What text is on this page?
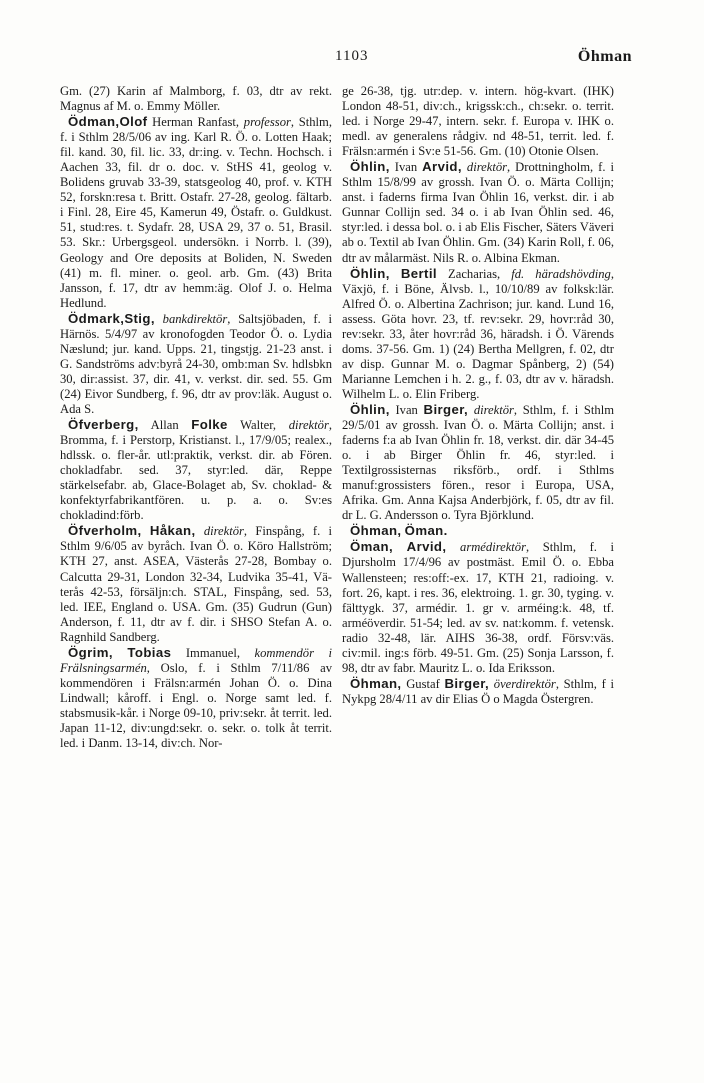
1103	Öhman

Gm. (27) Karin af Malmborg, f. 03, dtr av rekt. Magnus af M. o. Emmy Möller.

Ödman,Olof Herman Ranfast, professor, Sthlm, f. i Sthlm 28/5/06 av ing. Karl R. Ö. o. Lotten Haak; fil. kand. 30, fil. lic. 33, dr:ing. v. Techn. Hochsch. i Aachen 33, fil. dr o. doc. v. StHS 41, geolog v. Bolidens gruvab 33-39, statsgeolog 40, prof. v. KTH 52, forskn:resa t. Britt. Ostafr. 27-28, geolog. fältarb. i Finl. 28, Eire 45, Kamerun 49, Östafr. o. Guldkust. 51, stud:res. t. Sydafr. 28, USA 29, 37 o. 51, Brasil. 53. Skr.: Urbergsgeol. undersökn. i Norrb. l. (39), Geology and Ore deposits at Boliden, N. Sweden (41) m. fl. miner. o. geol. arb. Gm. (43) Brita Jansson, f. 17, dtr av hemm:äg. Olof J. o. Helma Hedlund.

Ödmark,Stig, bankdirektör, Saltsjöbaden, f. i Härnös. 5/4/97 av kronofogden Teodor Ö. o. Lydia Næslund; jur. kand. Upps. 21, tingstjg. 21-23 anst. i G. Sandströms adv:byrå 24-30, omb:man Sv. hdlsbkn 30, dir:assist. 37, dir. 41, v. verkst. dir. sed. 55. Gm (24) Eivor Sundberg, f. 96, dtr av prov:läk. August o. Ada S.

Öfverberg, Allan Folke Walter, direktör, Bromma, f. i Perstorp, Kristianst. l., 17/9/05; realex., hdlssk. o. fler-år. utl:praktik, verkst. dir. ab Fören. chokladfabr. sed. 37, styr:led. där, Reppe stärkelsefabr. ab, Glace-Bolaget ab, Sv. choklad- & konfektyrfabrikantfören. u. p. a. o. Sv:es chokladind:förb.

Öfverholm, Håkan, direktör, Finspång, f. i Sthlm 9/6/05 av byråch. Ivan Ö. o. Köro Hallström; KTH 27, anst. ASEA, Västerås 27-28, Bombay o. Calcutta 29-31, London 32-34, Ludvika 35-41, Vä-terås 42-53, försäljn:ch. STAL, Finspång, sed. 53, led. IEE, England o. USA. Gm. (35) Gudrun (Gun) Anderson, f. 11, dtr av f. dir. i SHSO Stefan A. o. Ragnhild Sandberg.

Ögrim, Tobias Immanuel, kommendör i Frälsningsarmén, Oslo, f. i Sthlm 7/11/86 av kommendören i Frälsn:armén Johan Ö. o. Dina Lindwall; kåroff. i Engl. o. Norge samt led. f. stabsmusik-kår. i Norge 09-10, priv:sekr. åt territ. led. Japan 11-12, div:ungd:sekr. o. sekr. o. tolk åt territ. led. i Danm. 13-14, div:ch. Nor-

ge 26-38, tjg. utr:dep. v. intern. hög-kvart. (IHK) London 48-51, div:ch., krigssk:ch., ch:sekr. o. territ. led. i Norge 29-47, intern. sekr. f. Europa v. IHK o. medl. av generalens rådgiv. nd 48-51, territ. led. f. Frälsn:armén i Sv:e 51-56. Gm. (10) Otonie Olsen.

Öhlin, Ivan Arvid, direktör, Drottningholm, f. i Sthlm 15/8/99 av grossh. Ivan Ö. o. Märta Collijn; anst. i faderns firma Ivan Öhlin 16, verkst. dir. i ab Gunnar Collijn sed. 34 o. i ab Ivan Öhlin sed. 46, styr:led. i dessa bol. o. i ab Elis Fischer, Säters Väveri ab o. Textil ab Ivan Öhlin. Gm. (34) Karin Roll, f. 06, dtr av målarmäst. Nils R. o. Albina Ekman.

Öhlin, Bertil Zacharias, fd. häradshövding, Växjö, f. i Böne, Älvsb. l., 10/10/89 av folksk:lär. Alfred Ö. o. Albertina Zachrison; jur. kand. Lund 16, assess. Göta hovr. 23, tf. rev:sekr. 29, hovr:råd 30, rev:sekr. 33, åter hovr:råd 36, häradsh. i Ö. Värends doms. 37-56. Gm. 1) (24) Bertha Mellgren, f. 02, dtr av disp. Gunnar M. o. Dagmar Spånberg, 2) (54) Marianne Lemchen i h. 2. g., f. 03, dtr av v. häradsh. Wilhelm L. o. Elin Friberg.

Öhlin, Ivan Birger, direktör, Sthlm, f. i Sthlm 29/5/01 av grossh. Ivan Ö. o. Märta Collijn; anst. i faderns f:a ab Ivan Öhlin fr. 18, verkst. dir. där 34-45 o. i ab Birger Öhlin fr. 46, styr:led. i Textilgrossisternas riksförb., ordf. i Sthlms manuf:grossisters fören., resor i Europa, USA, Afrika. Gm. Anna Kajsa Anderbjörk, f. 05, dtr av fil. dr L. G. Andersson o. Tyra Björklund.

Öhman, Öman.

Öman, Arvid, armédirektör, Sthlm, f. i Djursholm 17/4/96 av postmäst. Emil Ö. o. Ebba Wallensteen; res:off:-ex. 17, KTH 21, radioing. v. fort. 26, kapt. i res. 36, elektroing. 1. gr. 30, tyging. v. fälttygk. 37, armédir. 1. gr v. arméing:k. 48, tf. arméöverdir. 51-54; led. av sv. nat:komm. f. vetensk. radio 32-48, lär. AIHS 36-38, ordf. Försv:väs. civ:mil. ing:s förb. 49-51. Gm. (25) Sonja Larsson, f. 98, dtr av fabr. Mauritz L. o. Ida Eriksson.

Öhman, Gustaf Birger, överdirektör, Sthlm, f i Nykpg 28/4/11 av dir Elias Ö o Magda Östergren.
